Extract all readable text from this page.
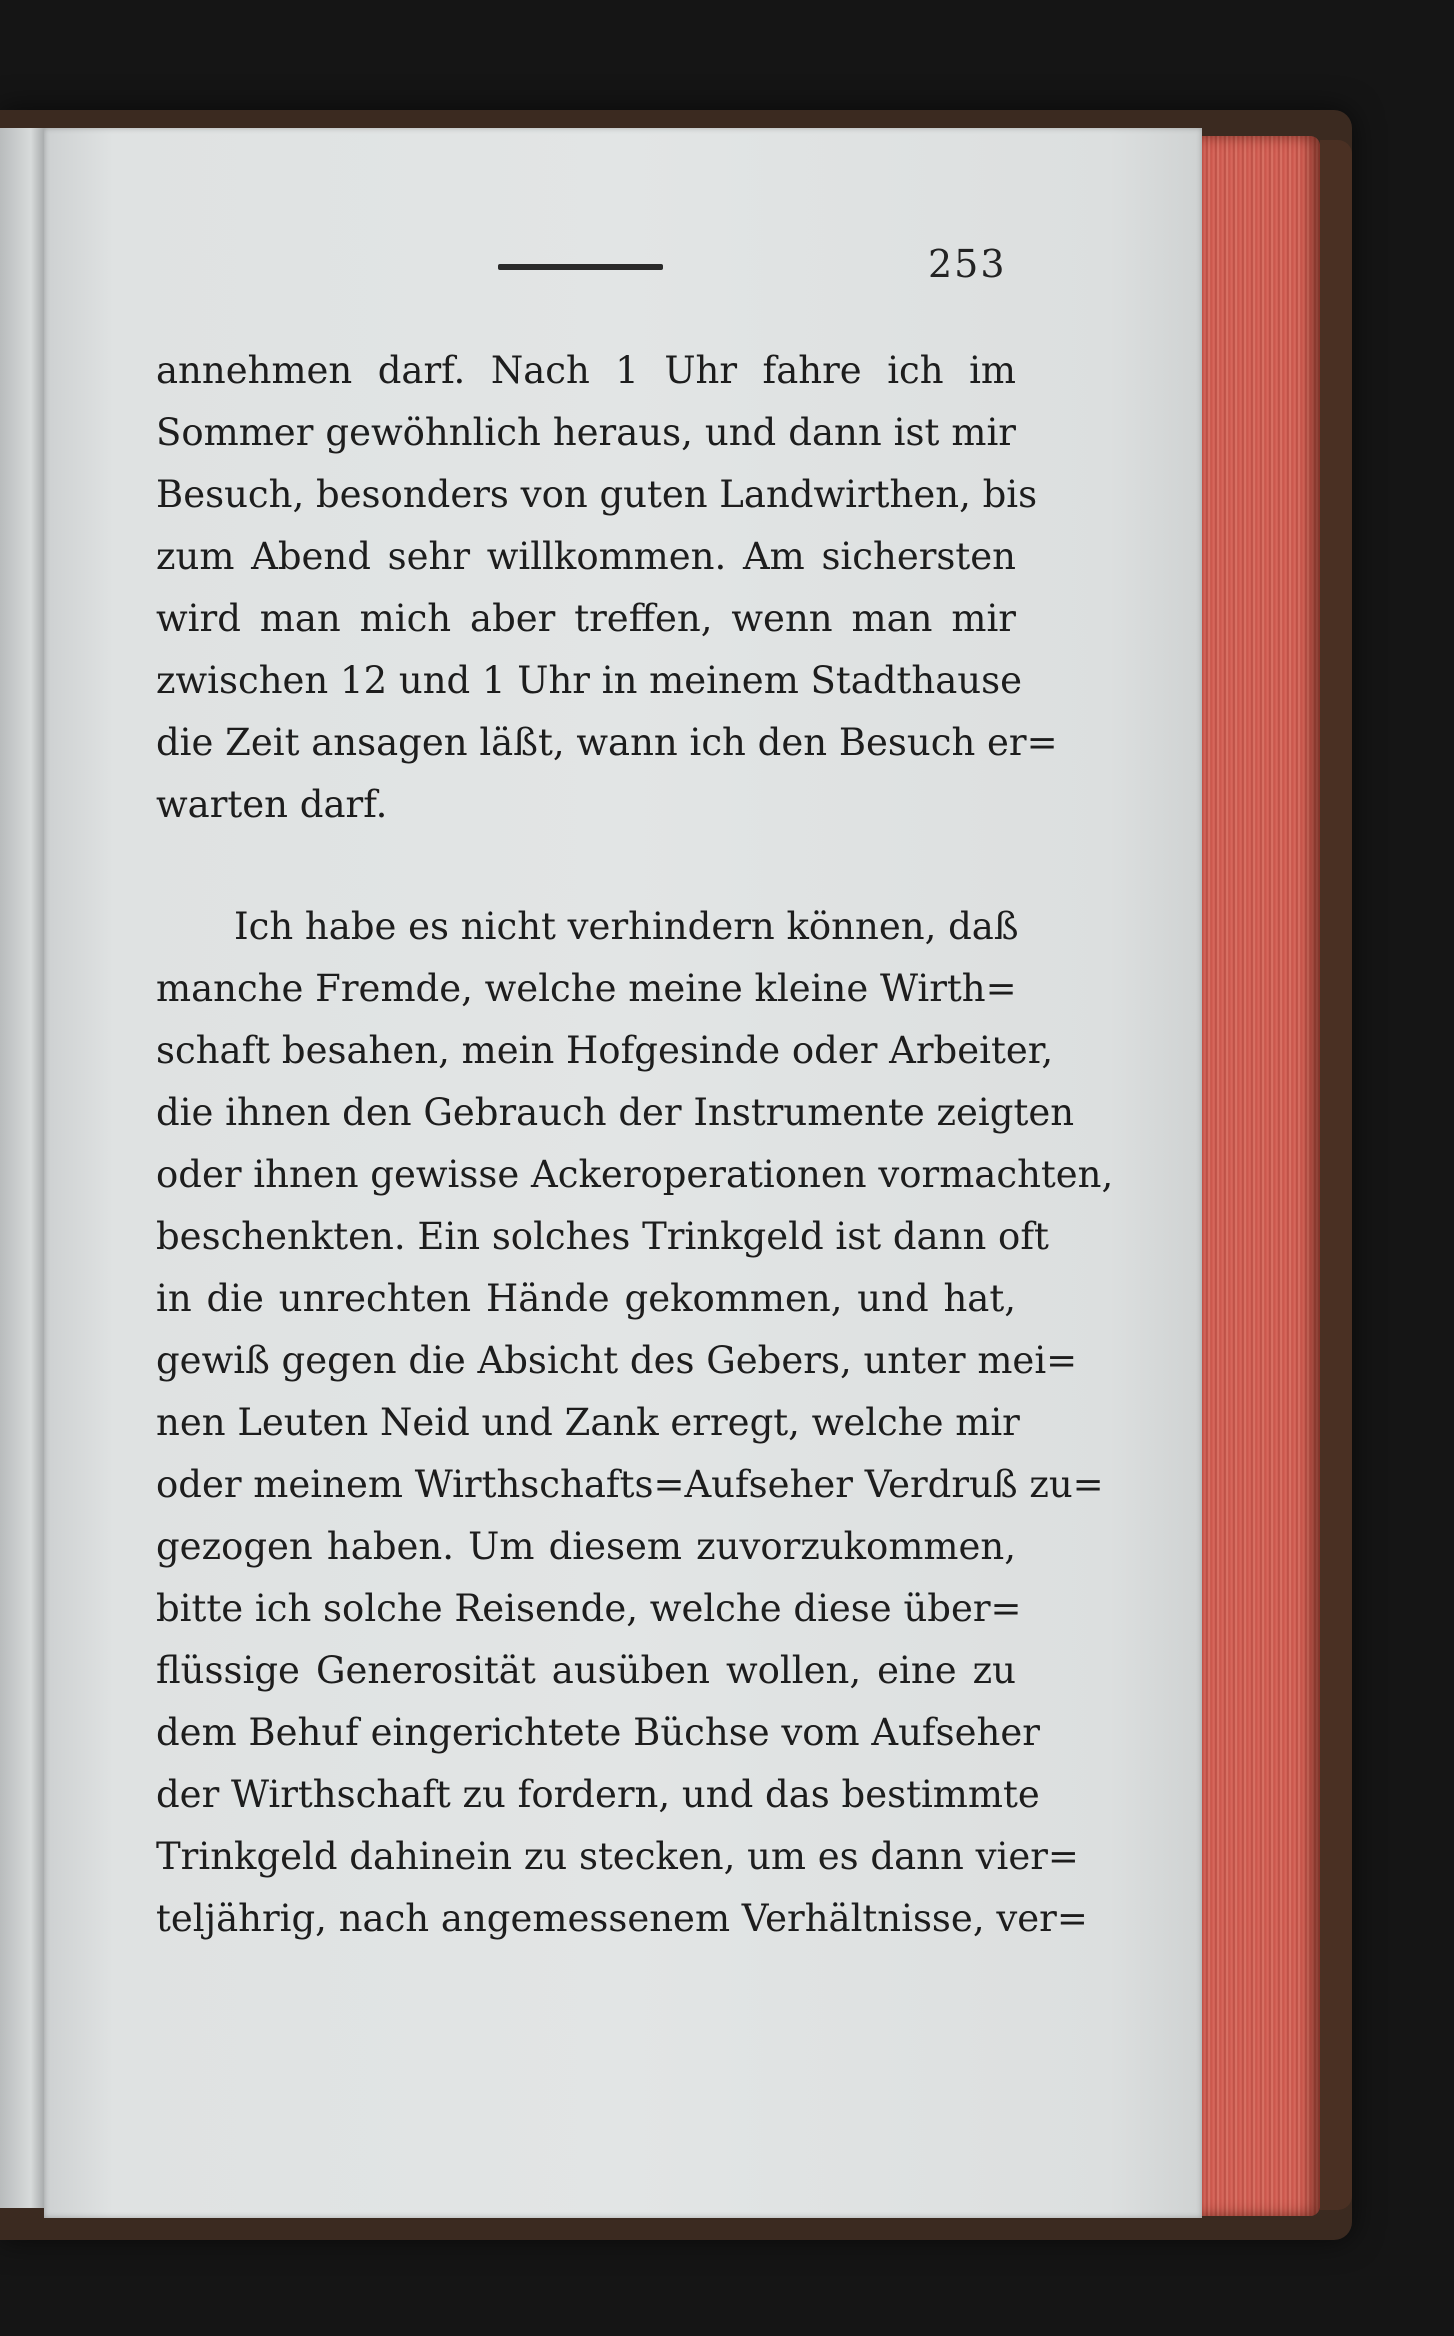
253
annehmen darf. Nach 1 Uhr fahre ich im
Sommer gewöhnlich heraus, und dann ist mir
Besuch, besonders von guten Landwirthen, bis
zum Abend sehr willkommen. Am sichersten
wird man mich aber treffen, wenn man mir
zwischen 12 und 1 Uhr in meinem Stadthause
die Zeit ansagen läßt, wann ich den Besuch er=
warten darf.
Ich habe es nicht verhindern können, daß
manche Fremde, welche meine kleine Wirth=
schaft besahen, mein Hofgesinde oder Arbeiter,
die ihnen den Gebrauch der Instrumente zeigten
oder ihnen gewisse Ackeroperationen vormachten,
beschenkten. Ein solches Trinkgeld ist dann oft
in die unrechten Hände gekommen, und hat,
gewiß gegen die Absicht des Gebers, unter mei=
nen Leuten Neid und Zank erregt, welche mir
oder meinem Wirthschafts=Aufseher Verdruß zu=
gezogen haben. Um diesem zuvorzukommen,
bitte ich solche Reisende, welche diese über=
flüssige Generosität ausüben wollen, eine zu
dem Behuf eingerichtete Büchse vom Aufseher
der Wirthschaft zu fordern, und das bestimmte
Trinkgeld dahinein zu stecken, um es dann vier=
teljährig, nach angemessenem Verhältnisse, ver=
